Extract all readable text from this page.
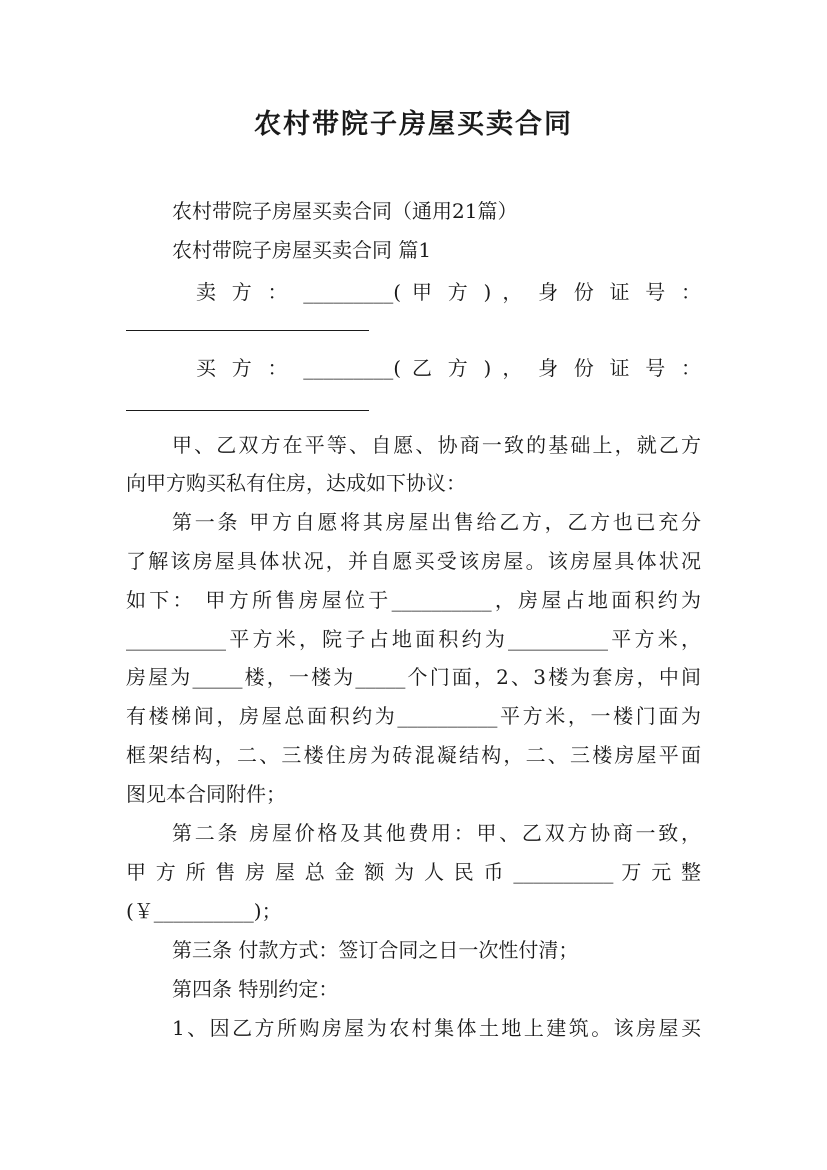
农村带院子房屋买卖合同
农村带院子房屋买卖合同（通用21篇）
农村带院子房屋买卖合同 篇1
卖 方 ： _________( 甲 方 ) ， 身 份 证 号 ：
买 方 ： _________( 乙 方 ) ， 身 份 证 号 ：
甲、乙双方在平等、自愿、协商一致的基础上，就乙方
向甲方购买私有住房，达成如下协议：
第一条 甲方自愿将其房屋出售给乙方，乙方也已充分
了解该房屋具体状况，并自愿买受该房屋。该房屋具体状况
如下： 甲方所售房屋位于__________，房屋占地面积约为
__________平方米，院子占地面积约为__________平方米，
房屋为_____楼，一楼为_____个门面，2、3楼为套房，中间
有楼梯间，房屋总面积约为__________平方米，一楼门面为
框架结构，二、三楼住房为砖混凝结构，二、三楼房屋平面
图见本合同附件；
第二条 房屋价格及其他费用：甲、乙双方协商一致，
甲 方 所 售 房 屋 总 金 额 为 人 民 币 __________ 万 元 整
(￥__________)；
第三条 付款方式：签订合同之日一次性付清；
第四条 特别约定：
1、因乙方所购房屋为农村集体土地上建筑。该房屋买
